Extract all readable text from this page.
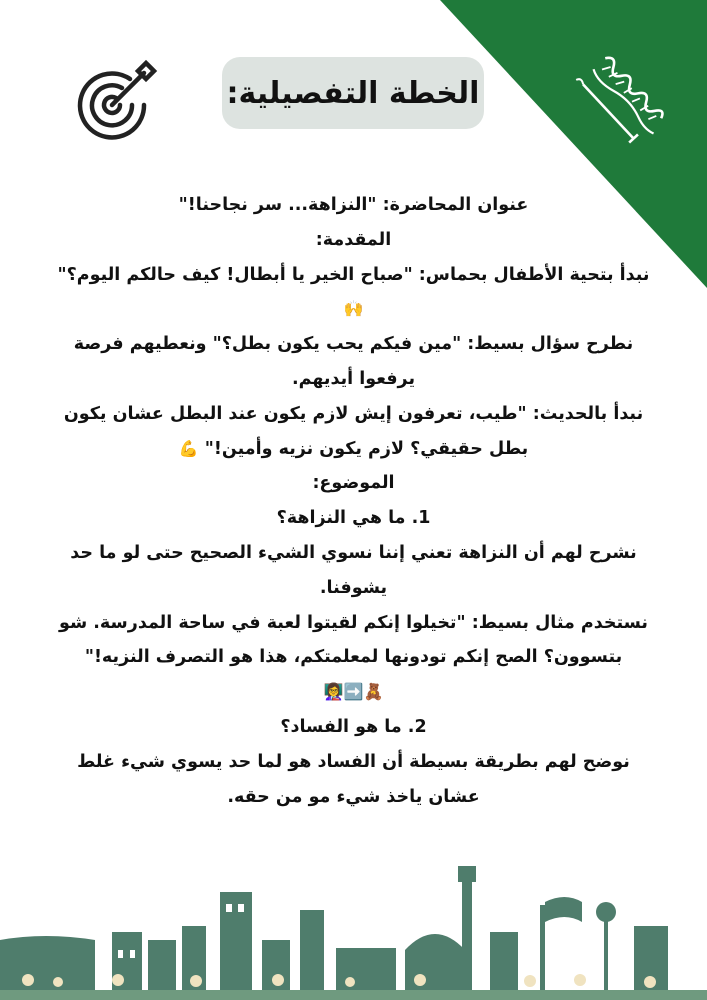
الخطة التفصيلية:

عنوان المحاضرة: "النزاهة... سر نجاحنا!"

المقدمة:

نبدأ بتحية الأطفال بحماس: "صباح الخير يا أبطال! كيف حالكم اليوم؟"
🙌

نطرح سؤال بسيط: "مين فيكم يحب يكون بطل؟" ونعطيهم فرصة يرفعوا أيديهم.

نبدأ بالحديث: "طيب، تعرفون إيش لازم يكون عند البطل عشان يكون بطل حقيقي؟ لازم يكون نزيه وأمين!" 💪

الموضوع:

1. ما هي النزاهة؟

نشرح لهم أن النزاهة تعني إننا نسوي الشيء الصحيح حتى لو ما حد يشوفنا.

نستخدم مثال بسيط: "تخيلوا إنكم لقيتوا لعبة في ساحة المدرسة. شو بتسوون؟ الصح إنكم تودونها لمعلمتكم، هذا هو التصرف النزيه!" 🧸➡️👩‍🏫

2. ما هو الفساد؟

نوضح لهم بطريقة بسيطة أن الفساد هو لما حد يسوي شيء غلط عشان ياخذ شيء مو من حقه.
